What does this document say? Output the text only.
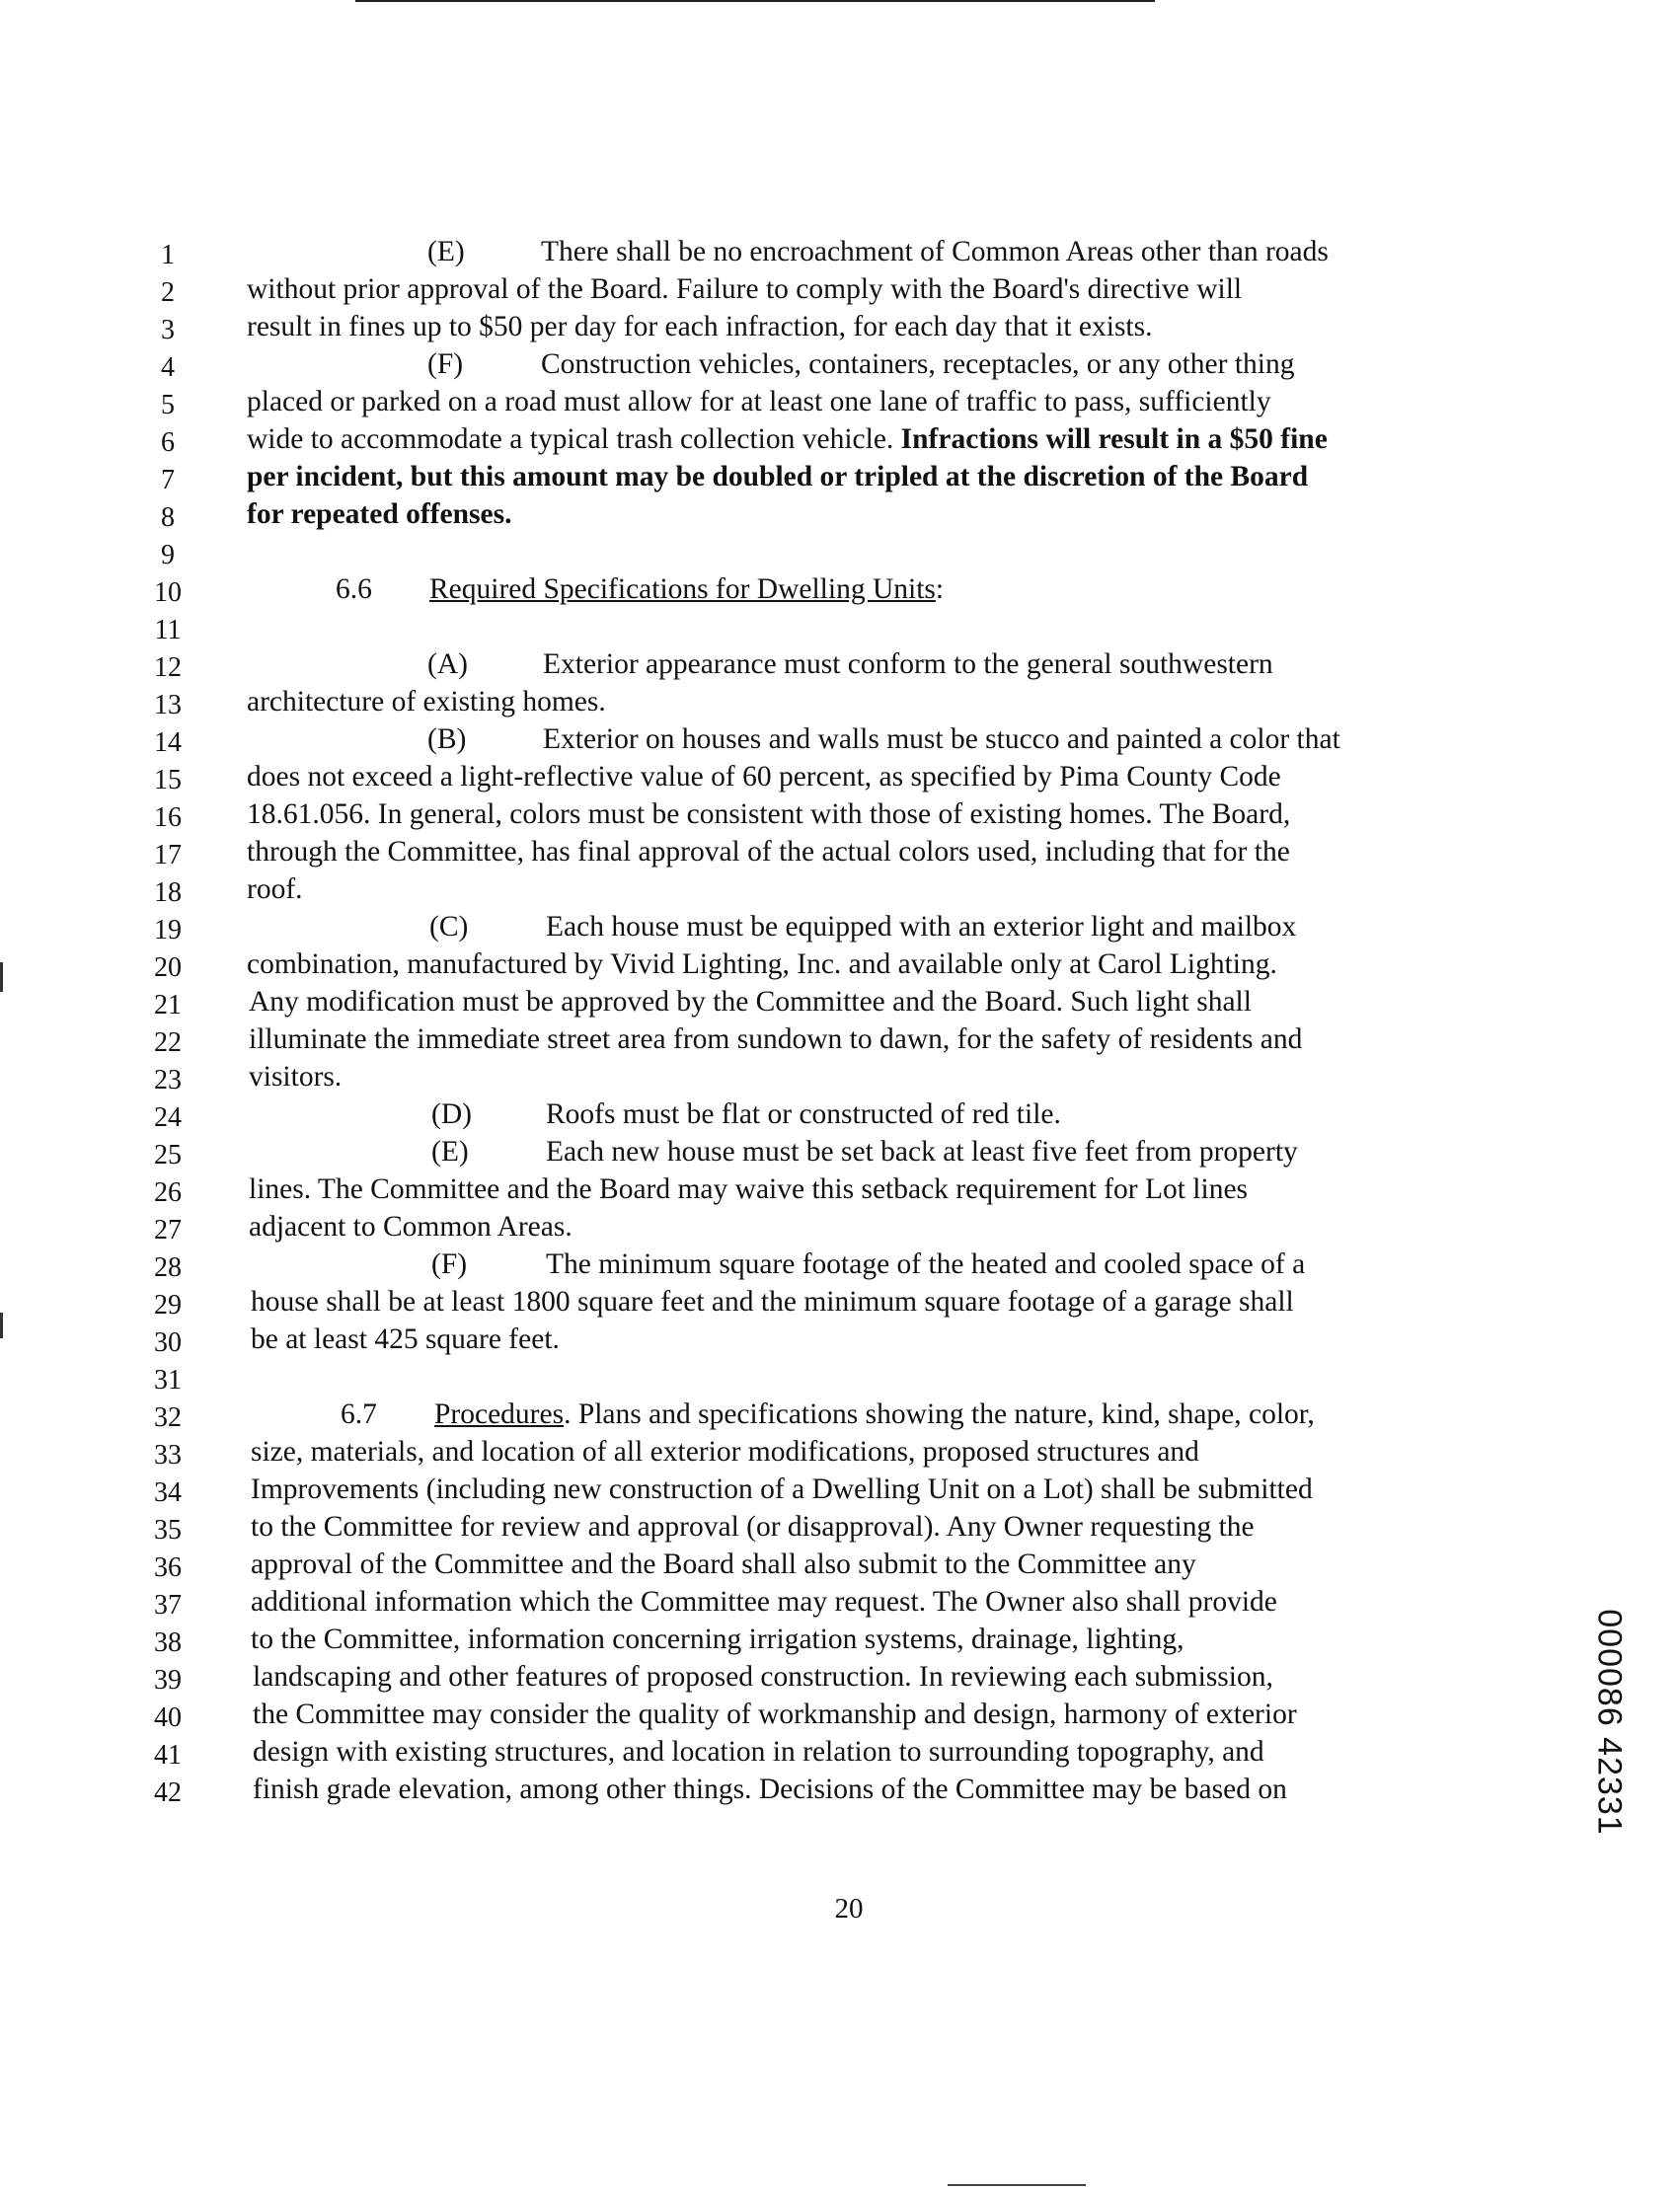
1
2
3
4
5
6
7
8
9
10
11
12
13
14
15
16
17
18
19
20
21
22
23
24
25
26
27
28
29
30
31
32
33
34
35
36
37
38
39
40
41
42
(E)	There shall be no encroachment of Common Areas other than roads
without prior approval of the Board. Failure to comply with the Board's directive will
result in fines up to $50 per day for each infraction, for each day that it exists.
(F)	Construction vehicles, containers, receptacles, or any other thing
placed or parked on a road must allow for at least one lane of traffic to pass, sufficiently
wide to accommodate a typical trash collection vehicle. Infractions will result in a $50 fine
per incident, but this amount may be doubled or tripled at the discretion of the Board
for repeated offenses.
6.6 Required Specifications for Dwelling Units:
(A)	Exterior appearance must conform to the general southwestern
architecture of existing homes.
(B)	Exterior on houses and walls must be stucco and painted a color that
does not exceed a light-reflective value of 60 percent, as specified by Pima County Code
18.61.056. In general, colors must be consistent with those of existing homes. The Board,
through the Committee, has final approval of the actual colors used, including that for the
roof.
(C)	Each house must be equipped with an exterior light and mailbox
combination, manufactured by Vivid Lighting, Inc. and available only at Carol Lighting.
Any modification must be approved by the Committee and the Board. Such light shall
illuminate the immediate street area from sundown to dawn, for the safety of residents and
visitors.
(D)	Roofs must be flat or constructed of red tile.
(E)	Each new house must be set back at least five feet from property
lines. The Committee and the Board may waive this setback requirement for Lot lines
adjacent to Common Areas.
(F)	The minimum square footage of the heated and cooled space of a
house shall be at least 1800 square feet and the minimum square footage of a garage shall
be at least 425 square feet.
6.7 Procedures. Plans and specifications showing the nature, kind, shape, color,
size, materials, and location of all exterior modifications, proposed structures and
Improvements (including new construction of a Dwelling Unit on a Lot) shall be submitted
to the Committee for review and approval (or disapproval). Any Owner requesting the
approval of the Committee and the Board shall also submit to the Committee any
additional information which the Committee may request. The Owner also shall provide
to the Committee, information concerning irrigation systems, drainage, lighting,
landscaping and other features of proposed construction. In reviewing each submission,
the Committee may consider the quality of workmanship and design, harmony of exterior
design with existing structures, and location in relation to surrounding topography, and
finish grade elevation, among other things. Decisions of the Committee may be based on
20
000086 42331
